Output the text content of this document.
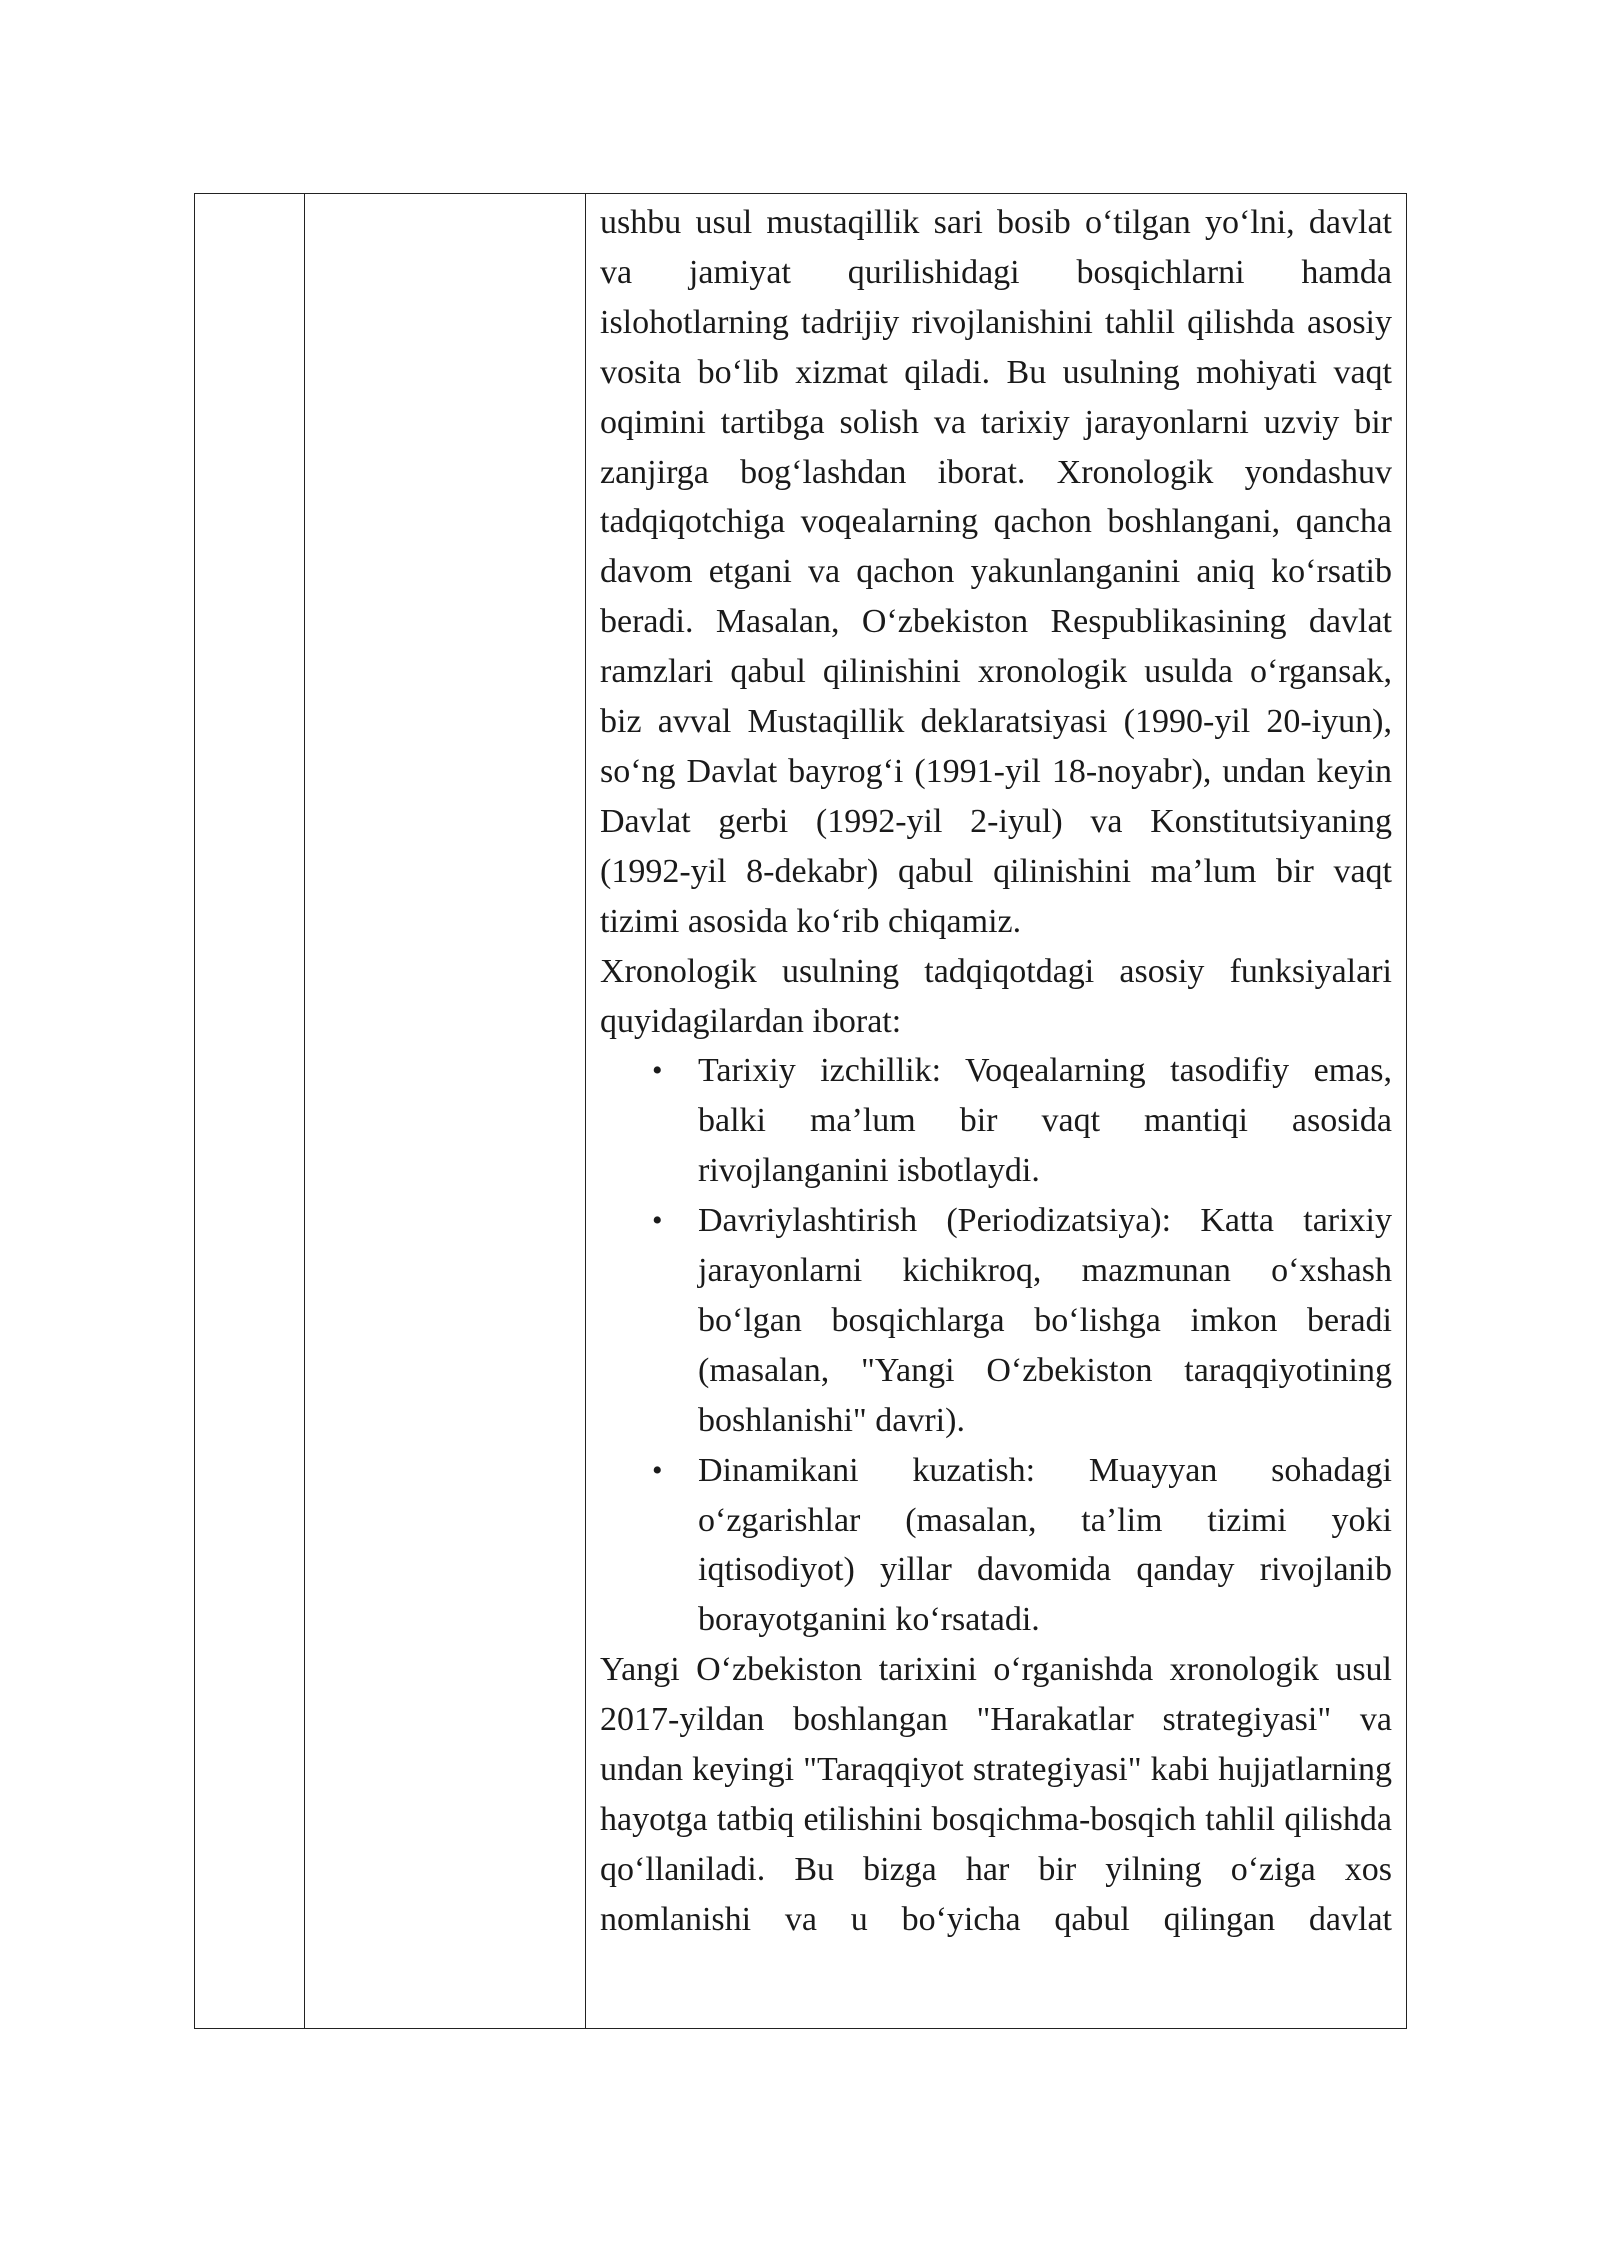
ushbu usul mustaqillik sari bosib o‘tilgan yo‘lni, davlat va jamiyat qurilishidagi bosqichlarni hamda islohotlarning tadrijiy rivojlanishini tahlil qilishda asosiy vosita bo‘lib xizmat qiladi. Bu usulning mohiyati vaqt oqimini tartibga solish va tarixiy jarayonlarni uzviy bir zanjirga bog‘lashdan iborat. Xronologik yondashuv tadqiqotchiga voqealarning qachon boshlangani, qancha davom etgani va qachon yakunlanganini aniq ko‘rsatib beradi. Masalan, O‘zbekiston Respublikasining davlat ramzlari qabul qilinishini xronologik usulda o‘rgansak, biz avval Mustaqillik deklaratsiyasi (1990-yil 20-iyun), so‘ng Davlat bayrog‘i (1991-yil 18-noyabr), undan keyin Davlat gerbi (1992-yil 2-iyul) va Konstitutsiyaning (1992-yil 8-dekabr) qabul qilinishini ma’lum bir vaqt tizimi asosida ko‘rib chiqamiz.

Xronologik usulning tadqiqotdagi asosiy funksiyalari quyidagilardan iborat:

• Tarixiy izchillik: Voqealarning tasodifiy emas, balki ma’lum bir vaqt mantiqi asosida rivojlanganini isbotlaydi.
• Davriylashtirish (Periodizatsiya): Katta tarixiy jarayonlarni kichikroq, mazmunan o‘xshash bo‘lgan bosqichlarga bo‘lishga imkon beradi (masalan, "Yangi O‘zbekiston taraqqiyotining boshlanishi" davri).
• Dinamikani kuzatish: Muayyan sohadagi o‘zgarishlar (masalan, ta’lim tizimi yoki iqtisodiyot) yillar davomida qanday rivojlanib borayotganini ko‘rsatadi.

Yangi O‘zbekiston tarixini o‘rganishda xronologik usul 2017-yildan boshlangan "Harakatlar strategiyasi" va undan keyingi "Taraqqiyot strategiyasi" kabi hujjatlarning hayotga tatbiq etilishini bosqichma-bosqich tahlil qilishda qo‘llaniladi. Bu bizga har bir yilning o‘ziga xos nomlanishi va u bo‘yicha qabul qilingan davlat
